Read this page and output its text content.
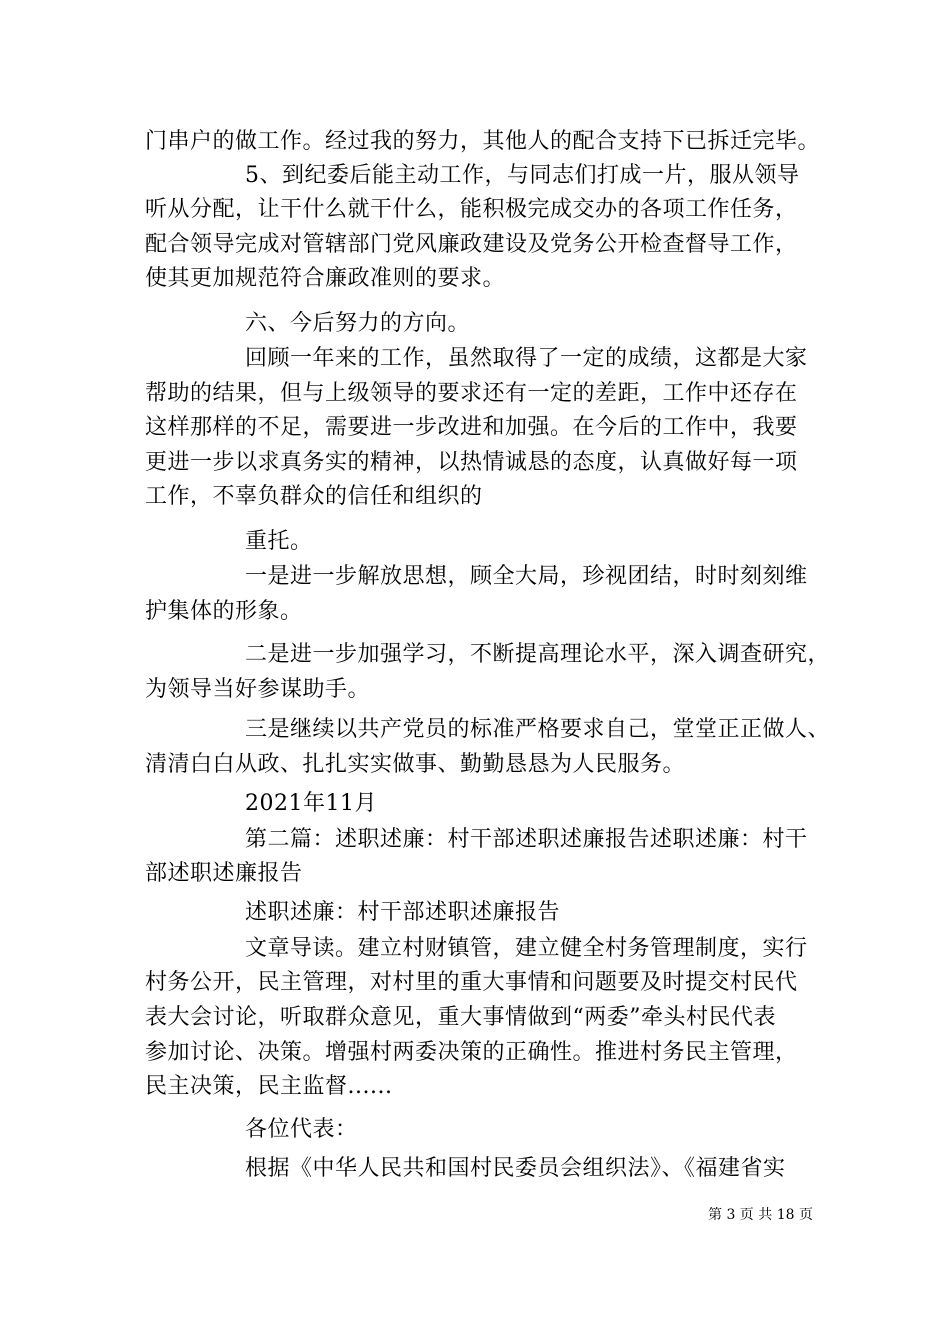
门串户的做工作。经过我的努力，其他人的配合支持下已拆迁完毕。
5、到纪委后能主动工作，与同志们打成一片，服从领导
听从分配，让干什么就干什么，能积极完成交办的各项工作任务，
配合领导完成对管辖部门党风廉政建设及党务公开检查督导工作，
使其更加规范符合廉政准则的要求。
六、今后努力的方向。
回顾一年来的工作，虽然取得了一定的成绩，这都是大家
帮助的结果，但与上级领导的要求还有一定的差距，工作中还存在
这样那样的不足，需要进一步改进和加强。在今后的工作中，我要
更进一步以求真务实的精神，以热情诚恳的态度，认真做好每一项
工作，不辜负群众的信任和组织的
重托。
一是进一步解放思想，顾全大局，珍视团结，时时刻刻维
护集体的形象。
二是进一步加强学习，不断提高理论水平，深入调查研究，
为领导当好参谋助手。
三是继续以共产党员的标准严格要求自己，堂堂正正做人、
清清白白从政、扎扎实实做事、勤勤恳恳为人民服务。
2021年11月
第二篇：述职述廉：村干部述职述廉报告述职述廉：村干
部述职述廉报告
述职述廉：村干部述职述廉报告
文章导读。建立村财镇管，建立健全村务管理制度，实行
村务公开，民主管理，对村里的重大事情和问题要及时提交村民代
表大会讨论，听取群众意见，重大事情做到“两委”牵头村民代表
参加讨论、决策。增强村两委决策的正确性。推进村务民主管理，
民主决策，民主监督......
各位代表：
根据《中华人民共和国村民委员会组织法》、《福建省实
第 3 页 共 18 页
